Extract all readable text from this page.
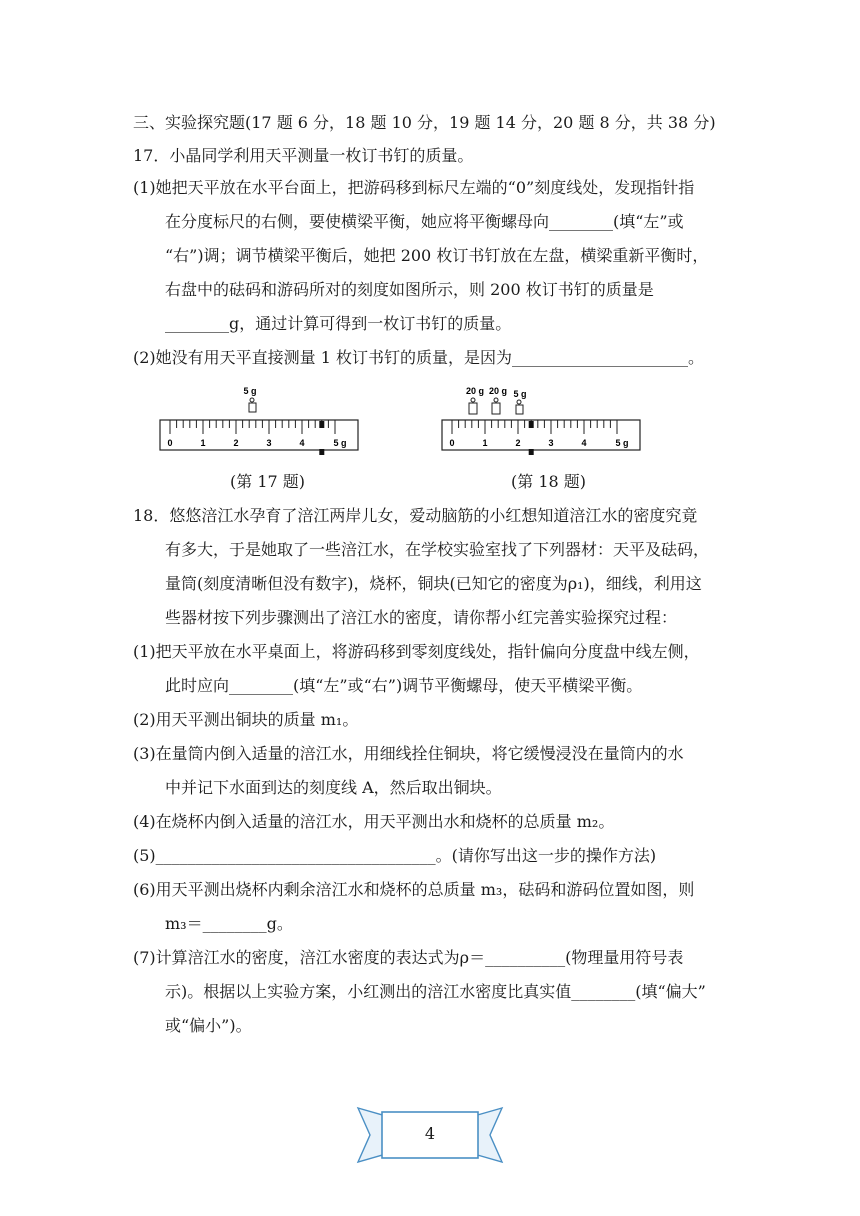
三、实验探究题(17 题 6 分，18 题 10 分，19 题 14 分，20 题 8 分，共 38 分)
17．小晶同学利用天平测量一枚订书钉的质量。
(1)她把天平放在水平台面上，把游码移到标尺左端的“0”刻度线处，发现指针指
在分度标尺的右侧，要使横梁平衡，她应将平衡螺母向________(填“左”或
“右”)调；调节横梁平衡后，她把 200 枚订书钉放在左盘，横梁重新平衡时，
右盘中的砝码和游码所对的刻度如图所示，则 200 枚订书钉的质量是
________g，通过计算可得到一枚订书钉的质量。
(2)她没有用天平直接测量 1 枚订书钉的质量，是因为______________________。
5 g
0	1	2	3	4	5 g
(第 17 题)
20 g 20 g 5 g
0	1	2	3	4	5 g
(第 18 题)
18．悠悠涪江水孕育了涪江两岸儿女，爱动脑筋的小红想知道涪江水的密度究竟
有多大，于是她取了一些涪江水，在学校实验室找了下列器材：天平及砝码，
量筒(刻度清晰但没有数字)，烧杯，铜块(已知它的密度为ρ₁)，细线，利用这
些器材按下列步骤测出了涪江水的密度，请你帮小红完善实验探究过程：
(1)把天平放在水平桌面上，将游码移到零刻度线处，指针偏向分度盘中线左侧，
此时应向________(填“左”或“右”)调节平衡螺母，使天平横梁平衡。
(2)用天平测出铜块的质量 m₁。
(3)在量筒内倒入适量的涪江水，用细线拴住铜块，将它缓慢浸没在量筒内的水
中并记下水面到达的刻度线 A，然后取出铜块。
(4)在烧杯内倒入适量的涪江水，用天平测出水和烧杯的总质量 m₂。
(5)___________________________________。(请你写出这一步的操作方法)
(6)用天平测出烧杯内剩余涪江水和烧杯的总质量 m₃，砝码和游码位置如图，则
m₃＝________g。
(7)计算涪江水的密度，涪江水密度的表达式为ρ＝__________(物理量用符号表
示)。根据以上实验方案，小红测出的涪江水密度比真实值________(填“偏大”
或“偏小”)。
4
